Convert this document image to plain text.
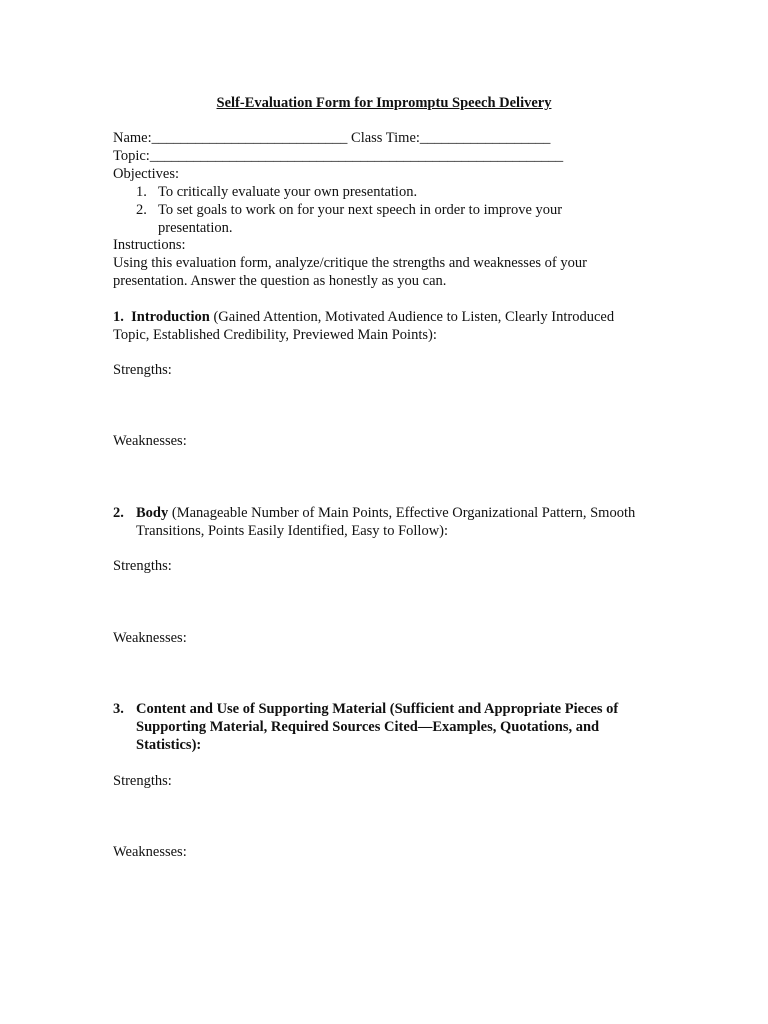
Self-Evaluation Form for Impromptu Speech Delivery
Name:___________________________ Class Time:__________________
Topic:_________________________________________________________
Objectives:
1. To critically evaluate your own presentation.
2. To set goals to work on for your next speech in order to improve your
presentation.
Instructions:
Using this evaluation form, analyze/critique the strengths and weaknesses of your
presentation. Answer the question as honestly as you can.
1. Introduction (Gained Attention, Motivated Audience to Listen, Clearly Introduced
Topic, Established Credibility, Previewed Main Points):
Strengths:
Weaknesses:
2. Body (Manageable Number of Main Points, Effective Organizational Pattern, Smooth
Transitions, Points Easily Identified, Easy to Follow):
Strengths:
Weaknesses:
3. Content and Use of Supporting Material (Sufficient and Appropriate Pieces of
Supporting Material, Required Sources Cited—Examples, Quotations, and
Statistics):
Strengths:
Weaknesses:
